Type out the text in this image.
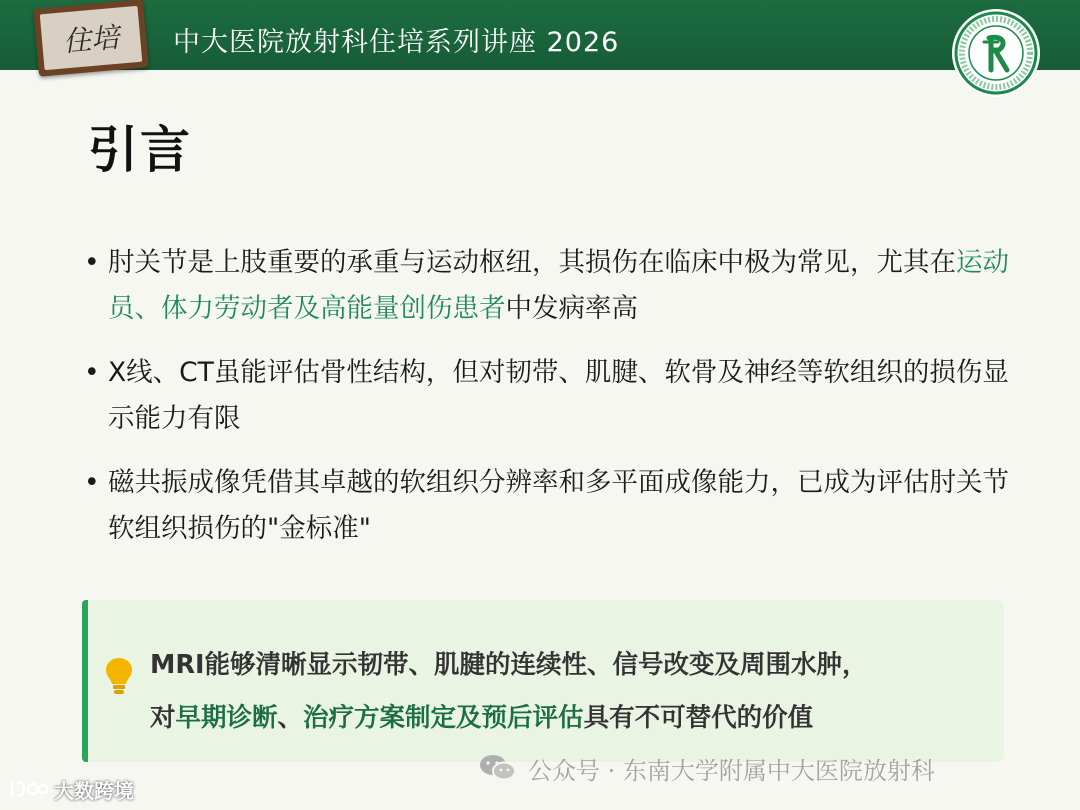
住培 中大医院放射科住培系列讲座 2026
引言
• 肘关节是上肢重要的承重与运动枢纽，其损伤在临床中极为常见，尤其在运动员、体力劳动者及高能量创伤患者中发病率高
• X线、CT虽能评估骨性结构，但对韧带、肌腱、软骨及神经等软组织的损伤显示能力有限
• 磁共振成像凭借其卓越的软组织分辨率和多平面成像能力，已成为评估肘关节软组织损伤的"金标准"
MRI能够清晰显示韧带、肌腱的连续性、信号改变及周围水肿，
对早期诊断、治疗方案制定及预后评估具有不可替代的价值
公众号 · 东南大学附属中大医院放射科
大数跨境
